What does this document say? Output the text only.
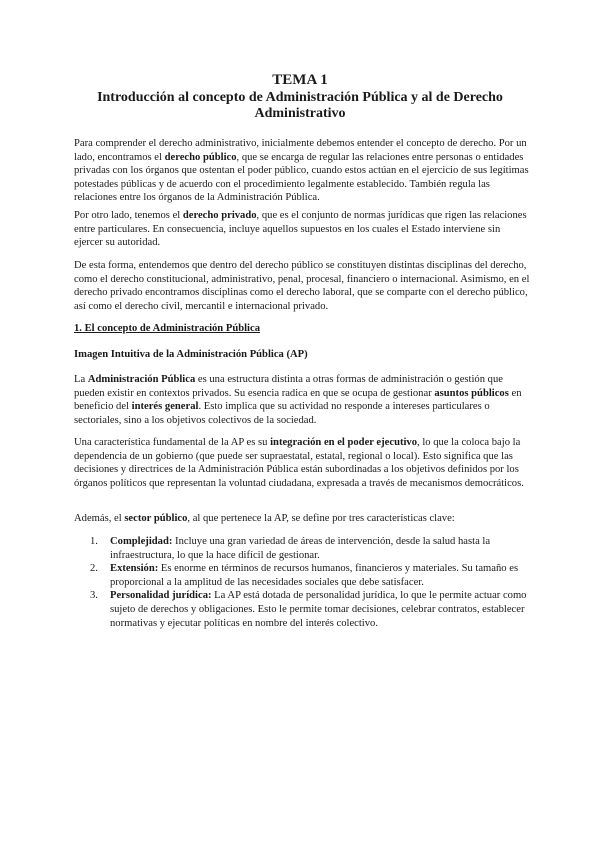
TEMA 1
Introducción al concepto de Administración Pública y al de Derecho Administrativo

Para comprender el derecho administrativo, inicialmente debemos entender el concepto de derecho. Por un lado, encontramos el derecho público, que se encarga de regular las relaciones entre personas o entidades privadas con los órganos que ostentan el poder público, cuando estos actúan en el ejercicio de sus legítimas potestades públicas y de acuerdo con el procedimiento legalmente establecido. También regula las relaciones entre los órganos de la Administración Pública.

Por otro lado, tenemos el derecho privado, que es el conjunto de normas jurídicas que rigen las relaciones entre particulares. En consecuencia, incluye aquellos supuestos en los cuales el Estado interviene sin ejercer su autoridad.

De esta forma, entendemos que dentro del derecho público se constituyen distintas disciplinas del derecho, como el derecho constitucional, administrativo, penal, procesal, financiero o internacional. Asimismo, en el derecho privado encontramos disciplinas como el derecho laboral, que se comparte con el derecho público, así como el derecho civil, mercantil e internacional privado.

1. El concepto de Administración Pública

Imagen Intuitiva de la Administración Pública (AP)

La Administración Pública es una estructura distinta a otras formas de administración o gestión que pueden existir en contextos privados. Su esencia radica en que se ocupa de gestionar asuntos públicos en beneficio del interés general. Esto implica que su actividad no responde a intereses particulares o sectoriales, sino a los objetivos colectivos de la sociedad.

Una característica fundamental de la AP es su integración en el poder ejecutivo, lo que la coloca bajo la dependencia de un gobierno (que puede ser supraestatal, estatal, regional o local). Esto significa que las decisiones y directrices de la Administración Pública están subordinadas a los objetivos definidos por los órganos políticos que representan la voluntad ciudadana, expresada a través de mecanismos democráticos.

Además, el sector público, al que pertenece la AP, se define por tres características clave:

1. Complejidad: Incluye una gran variedad de áreas de intervención, desde la salud hasta la infraestructura, lo que la hace difícil de gestionar.
2. Extensión: Es enorme en términos de recursos humanos, financieros y materiales. Su tamaño es proporcional a la amplitud de las necesidades sociales que debe satisfacer.
3. Personalidad jurídica: La AP está dotada de personalidad jurídica, lo que le permite actuar como sujeto de derechos y obligaciones. Esto le permite tomar decisiones, celebrar contratos, establecer normativas y ejecutar políticas en nombre del interés colectivo.
